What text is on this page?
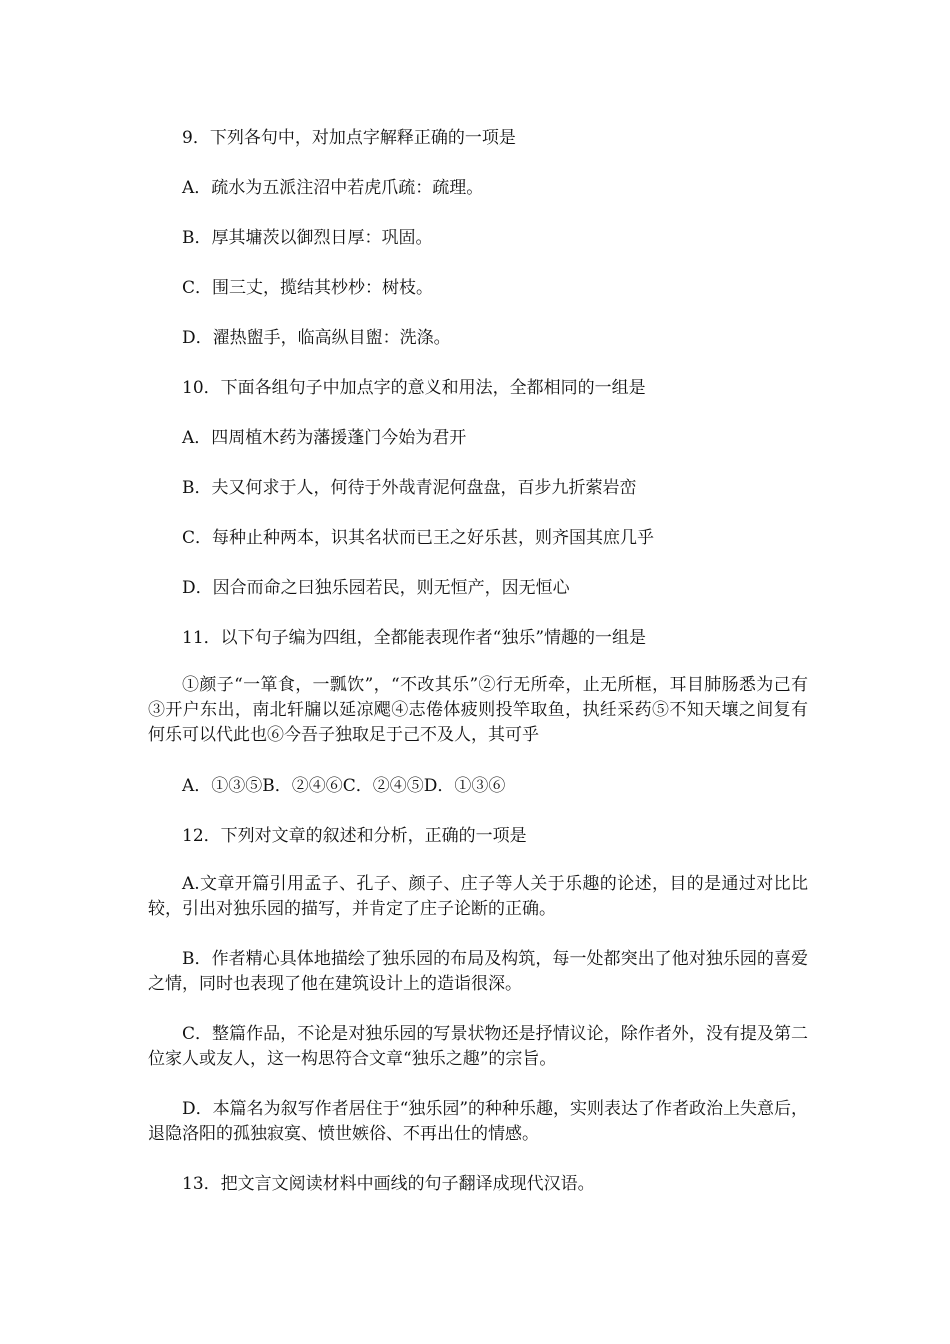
9．下列各句中，对加点字解释正确的一项是
A．疏水为五派注沼中若虎爪疏：疏理。
B．厚其墉茨以御烈日厚：巩固。
C．围三丈，揽结其杪杪：树枝。
D．濯热盥手，临高纵目盥：洗涤。
10．下面各组句子中加点字的意义和用法，全都相同的一组是
A．四周植木药为藩援蓬门今始为君开
B．夫又何求于人，何待于外哉青泥何盘盘，百步九折萦岩峦
C．每种止种两本，识其名状而已王之好乐甚，则齐国其庶几乎
D．因合而命之曰独乐园若民，则无恒产，因无恒心
11．以下句子编为四组，全都能表现作者“独乐”情趣的一组是
①颜子“一箪食，一瓢饮”，“不改其乐”②行无所牵，止无所框，耳目肺肠悉为己有③开户东出，南北轩牖以延凉飔④志倦体疲则投竿取鱼，执纴采药⑤不知天壤之间复有何乐可以代此也⑥今吾子独取足于己不及人，其可乎
A．①③⑤B．②④⑥C．②④⑤D．①③⑥
12．下列对文章的叙述和分析，正确的一项是
A.文章开篇引用孟子、孔子、颜子、庄子等人关于乐趣的论述，目的是通过对比比较，引出对独乐园的描写，并肯定了庄子论断的正确。
B．作者精心具体地描绘了独乐园的布局及构筑，每一处都突出了他对独乐园的喜爱之情，同时也表现了他在建筑设计上的造诣很深。
C．整篇作品，不论是对独乐园的写景状物还是抒情议论，除作者外，没有提及第二位家人或友人，这一构思符合文章“独乐之趣”的宗旨。
D．本篇名为叙写作者居住于“独乐园”的种种乐趣，实则表达了作者政治上失意后，退隐洛阳的孤独寂寞、愤世嫉俗、不再出仕的情感。
13．把文言文阅读材料中画线的句子翻译成现代汉语。
